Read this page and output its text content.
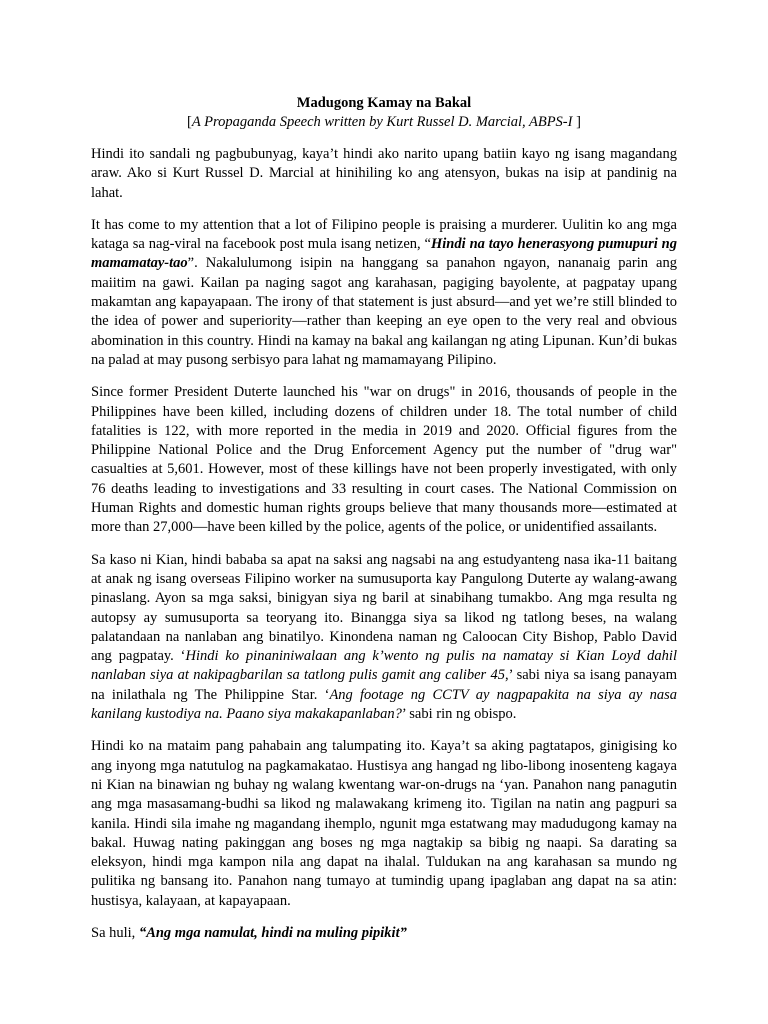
Madugong Kamay na Bakal
[A Propaganda Speech written by Kurt Russel D. Marcial, ABPS-I ]

Hindi ito sandali ng pagbubunyag, kaya’t hindi ako narito upang batiin kayo ng isang magandang araw. Ako si Kurt Russel D. Marcial at hinihiling ko ang atensyon, bukas na isip at pandinig na lahat.

It has come to my attention that a lot of Filipino people is praising a murderer. Uulitin ko ang mga kataga sa nag-viral na facebook post mula isang netizen, “Hindi na tayo henerasyong pumupuri ng mamamatay-tao”. Nakalulumong isipin na hanggang sa panahon ngayon, nananaig parin ang maiitim na gawi. Kailan pa naging sagot ang karahasan, pagiging bayolente, at pagpatay upang makamtan ang kapayapaan. The irony of that statement is just absurd—and yet we’re still blinded to the idea of power and superiority—rather than keeping an eye open to the very real and obvious abomination in this country. Hindi na kamay na bakal ang kailangan ng ating Lipunan. Kun’di bukas na palad at may pusong serbisyo para lahat ng mamamayang Pilipino.

Since former President Duterte launched his "war on drugs" in 2016, thousands of people in the Philippines have been killed, including dozens of children under 18. The total number of child fatalities is 122, with more reported in the media in 2019 and 2020. Official figures from the Philippine National Police and the Drug Enforcement Agency put the number of "drug war" casualties at 5,601. However, most of these killings have not been properly investigated, with only 76 deaths leading to investigations and 33 resulting in court cases. The National Commission on Human Rights and domestic human rights groups believe that many thousands more—estimated at more than 27,000—have been killed by the police, agents of the police, or unidentified assailants.

Sa kaso ni Kian, hindi bababa sa apat na saksi ang nagsabi na ang estudyanteng nasa ika-11 baitang at anak ng isang overseas Filipino worker na sumusuporta kay Pangulong Duterte ay walang-awang pinaslang. Ayon sa mga saksi, binigyan siya ng baril at sinabihang tumakbo. Ang mga resulta ng autopsy ay sumusuporta sa teoryang ito. Binangga siya sa likod ng tatlong beses, na walang palatandaan na nanlaban ang binatilyo. Kinondena naman ng Caloocan City Bishop, Pablo David ang pagpatay. ‘Hindi ko pinaniniwalaan ang k’wento ng pulis na namatay si Kian Loyd dahil nanlaban siya at nakipagbarilan sa tatlong pulis gamit ang caliber 45,’ sabi niya sa isang panayam na inilathala ng The Philippine Star. ‘Ang footage ng CCTV ay nagpapakita na siya ay nasa kanilang kustodiya na. Paano siya makakapanlaban?’ sabi rin ng obispo.

Hindi ko na mataim pang pahabain ang talumpating ito. Kaya’t sa aking pagtatapos, ginigising ko ang inyong mga natutulog na pagkamakatao. Hustisya ang hangad ng libo-libong inosenteng kagaya ni Kian na binawian ng buhay ng walang kwentang war-on-drugs na ‘yan. Panahon nang panagutin ang mga masasamang-budhi sa likod ng malawakang krimeng ito. Tigilan na natin ang pagpuri sa kanila. Hindi sila imahe ng magandang ihemplo, ngunit mga estatwang may madudugong kamay na bakal. Huwag nating pakinggan ang boses ng mga nagtakip sa bibig ng naapi. Sa darating sa eleksyon, hindi mga kampon nila ang dapat na ihalal. Tuldukan na ang karahasan sa mundo ng pulitika ng bansang ito. Panahon nang tumayo at tumindig upang ipaglaban ang dapat na sa atin: hustisya, kalayaan, at kapayapaan.

Sa huli, “Ang mga namulat, hindi na muling pipikit”
